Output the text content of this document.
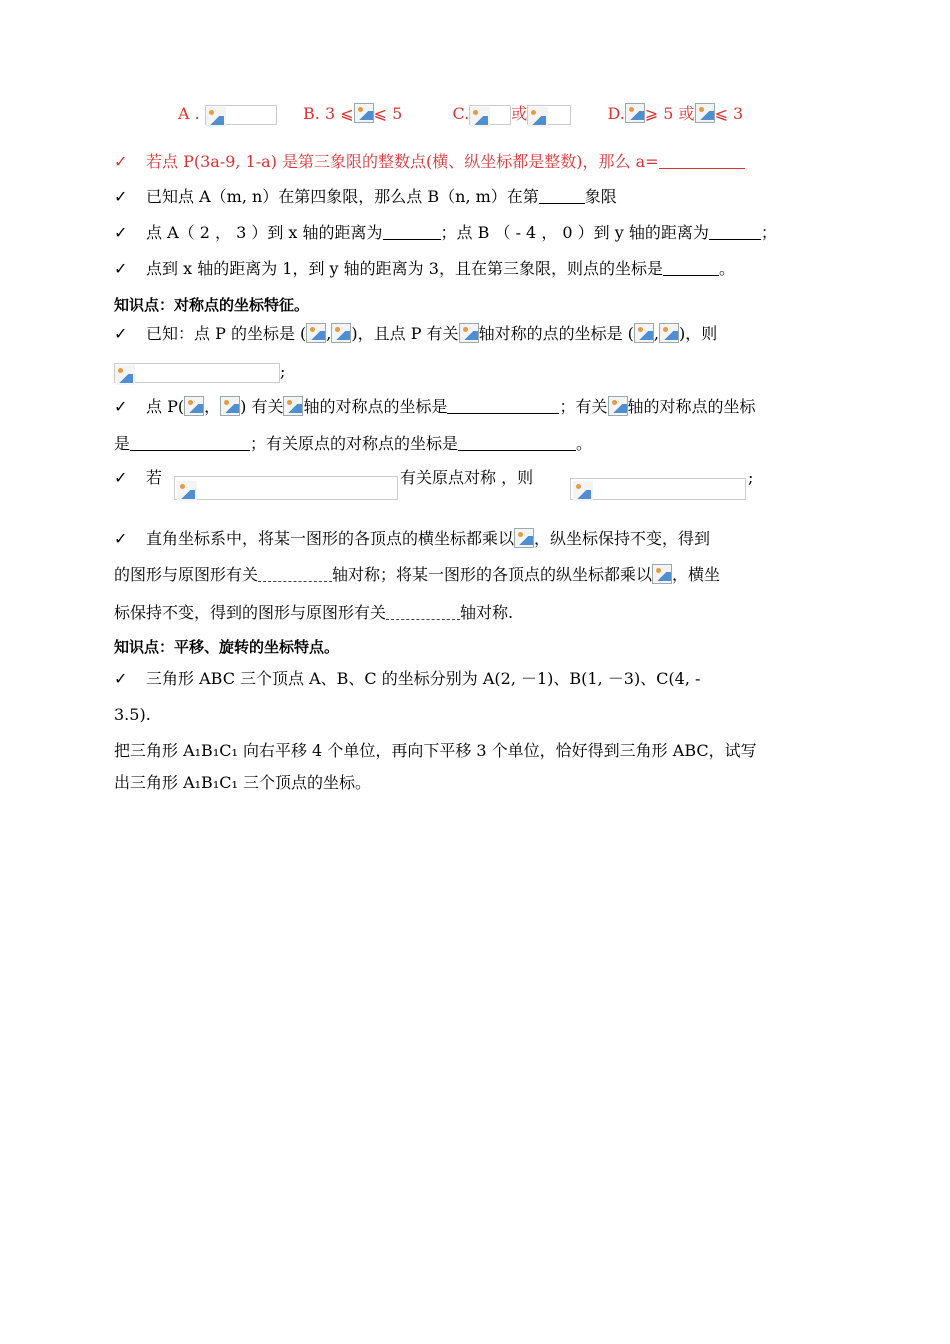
A .	B. 3 ⩽ ⩽ 5	C.	或	D. ⩾ 5 或 ⩽ 3
✓ 若点 P(3a-9, 1-a) 是第三象限的整数点(横、纵坐标都是整数)，那么 a=
✓ 已知点 A（m, n）在第四象限，那么点 B（n, m）在第	象限
✓ 点 A（ 2 ， 3 ）到 x 轴的距离为	；点 B （ - 4 ， 0 ）到 y 轴的距离为	；
✓ 点到 x 轴的距离为 1，到 y 轴的距离为 3，且在第三象限，则点的坐标是	。
知识点：对称点的坐标特征。
✓ 已知：点 P 的坐标是 ( , )，且点 P 有关 轴对称的点的坐标是 ( , )，则
;
✓ 点 P( ， ) 有关 轴的对称点的坐标是	；有关 轴的对称点的坐标
是	；有关原点的对称点的坐标是	。
✓ 若	有关原点对称 ，则	;
✓ 直角坐标系中，将某一图形的各顶点的横坐标都乘以 ，纵坐标保持不变，得到
的图形与原图形有关	轴对称；将某一图形的各顶点的纵坐标都乘以 ，横坐
标保持不变，得到的图形与原图形有关	轴对称.
知识点：平移、旋转的坐标特点。
✓ 三角形 ABC 三个顶点 A、B、C 的坐标分别为 A(2, －1)、B(1, －3)、C(4, -
3.5).
把三角形 A₁B₁C₁ 向右平移 4 个单位，再向下平移 3 个单位，恰好得到三角形 ABC，试写
出三角形 A₁B₁C₁ 三个顶点的坐标。
